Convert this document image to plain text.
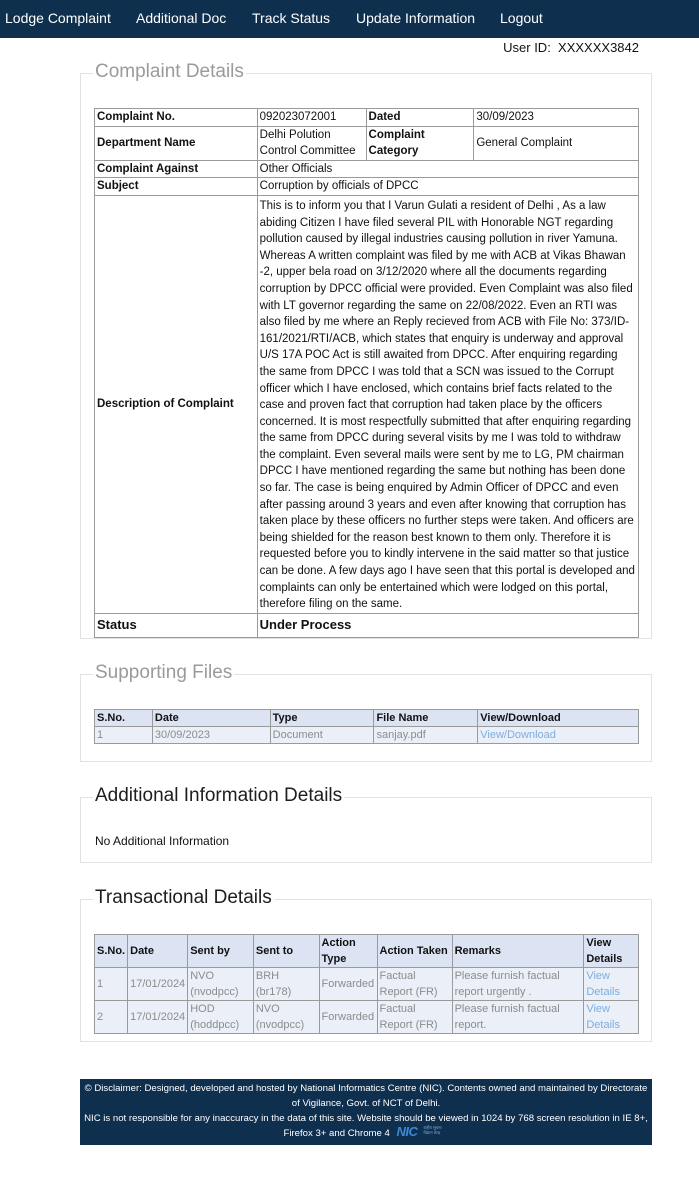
Lodge Complaint Additional Doc Track Status Update Information Logout
User ID: XXXXXX3842
Complaint Details
Complaint No.	092023072001	Dated	30/09/2023
Department Name	Delhi Polution Control Committee	Complaint Category	General Complaint
Complaint Against	Other Officials		
Subject	Corruption by officials of DPCC		
Description of Complaint	This is to inform you that I Varun Gulati a resident of Delhi , As a law abiding Citizen I have filed several PIL with Honorable NGT regarding pollution caused by illegal industries causing pollution in river Yamuna. Whereas A written complaint was filed by me with ACB at Vikas Bhawan -2, upper bela road on 3/12/2020 where all the documents regarding corruption by DPCC official were provided. Even Complaint was also filed with LT governor regarding the same on 22/08/2022. Even an RTI was also filed by me where an Reply recieved from ACB with File No: 373/ID-161/2021/RTI/ACB, which states that enquiry is underway and approval U/S 17A POC Act is still awaited from DPCC. After enquiring regarding the same from DPCC I was told that a SCN was issued to the Corrupt officer which I have enclosed, which contains brief facts related to the case and proven fact that corruption had taken place by the officers concerned. It is most respectfully submitted that after enquiring regarding the same from DPCC during several visits by me I was told to withdraw the complaint. Even several mails were sent by me to LG, PM chairman DPCC I have mentioned regarding the same but nothing has been done so far. The case is being enquired by Admin Officer of DPCC and even after passing around 3 years and even after knowing that corruption has taken place by these officers no further steps were taken. And officers are being shielded for the reason best known to them only. Therefore it is requested before you to kindly intervene in the said matter so that justice can be done. A few days ago I have seen that this portal is developed and complaints can only be entertained which were lodged on this portal, therefore filing on the same.		
Status	Under Process		
Supporting Files
S.No.	Date	Type	File Name	View/Download
1	30/09/2023	Document	sanjay.pdf	View/Download
Additional Information Details
No Additional Information
Transactional Details
S.No.	Date	Sent by	Sent to	Action Type	Action Taken	Remarks	View Details
1	17/01/2024	NVO (nvodpcc)	BRH (br178)	Forwarded	Factual Report (FR)	Please furnish factual report urgently .	View Details
2	17/01/2024	HOD (hoddpcc)	NVO (nvodpcc)	Forwarded	Factual Report (FR)	Please furnish factual report.	View Details
© Disclaimer: Designed, developed and hosted by National Informatics Centre (NIC). Contents owned and maintained by Directorate of Vigilance, Govt. of NCT of Delhi.
NIC is not responsible for any inaccuracy in the data of this site. Website should be viewed in 1024 by 768 screen resolution in IE 8+, Firefox 3+ and Chrome 4 NIC राष्ट्रीय सूचना विज्ञान केन्द्र
